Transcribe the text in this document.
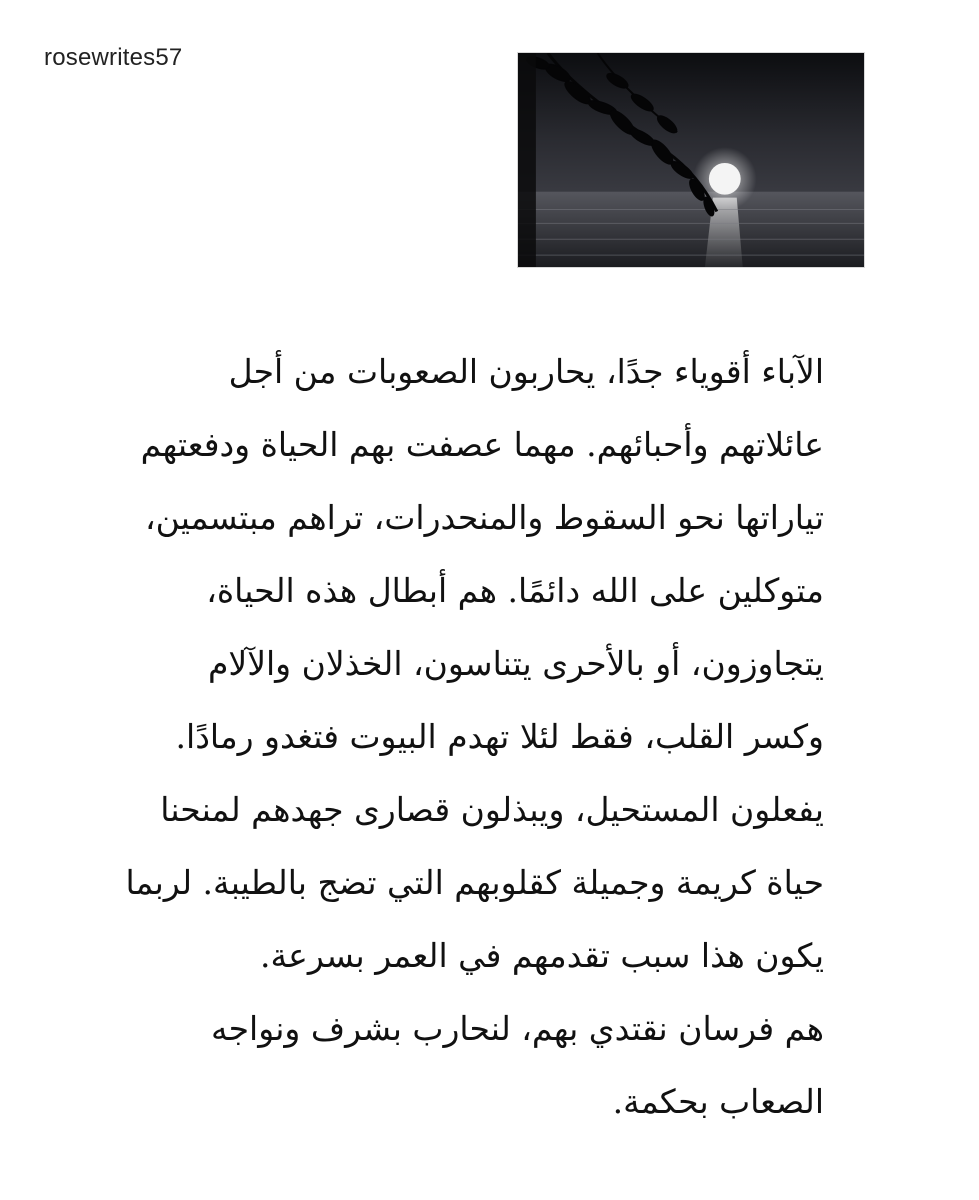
rosewrites57
الآباء أقوياء جدًا، يحاربون الصعوبات من أجل
عائلاتهم وأحبائهم. مهما عصفت بهم الحياة ودفعتهم
تياراتها نحو السقوط والمنحدرات، تراهم مبتسمين،
متوكلين على الله دائمًا. هم أبطال هذه الحياة،
يتجاوزون، أو بالأحرى يتناسون، الخذلان والآلام
وكسر القلب، فقط لئلا تهدم البيوت فتغدو رمادًا.
يفعلون المستحيل، ويبذلون قصارى جهدهم لمنحنا
حياة كريمة وجميلة كقلوبهم التي تضج بالطيبة. لربما
يكون هذا سبب تقدمهم في العمر بسرعة.
هم فرسان نقتدي بهم، لنحارب بشرف ونواجه
الصعاب بحكمة.
